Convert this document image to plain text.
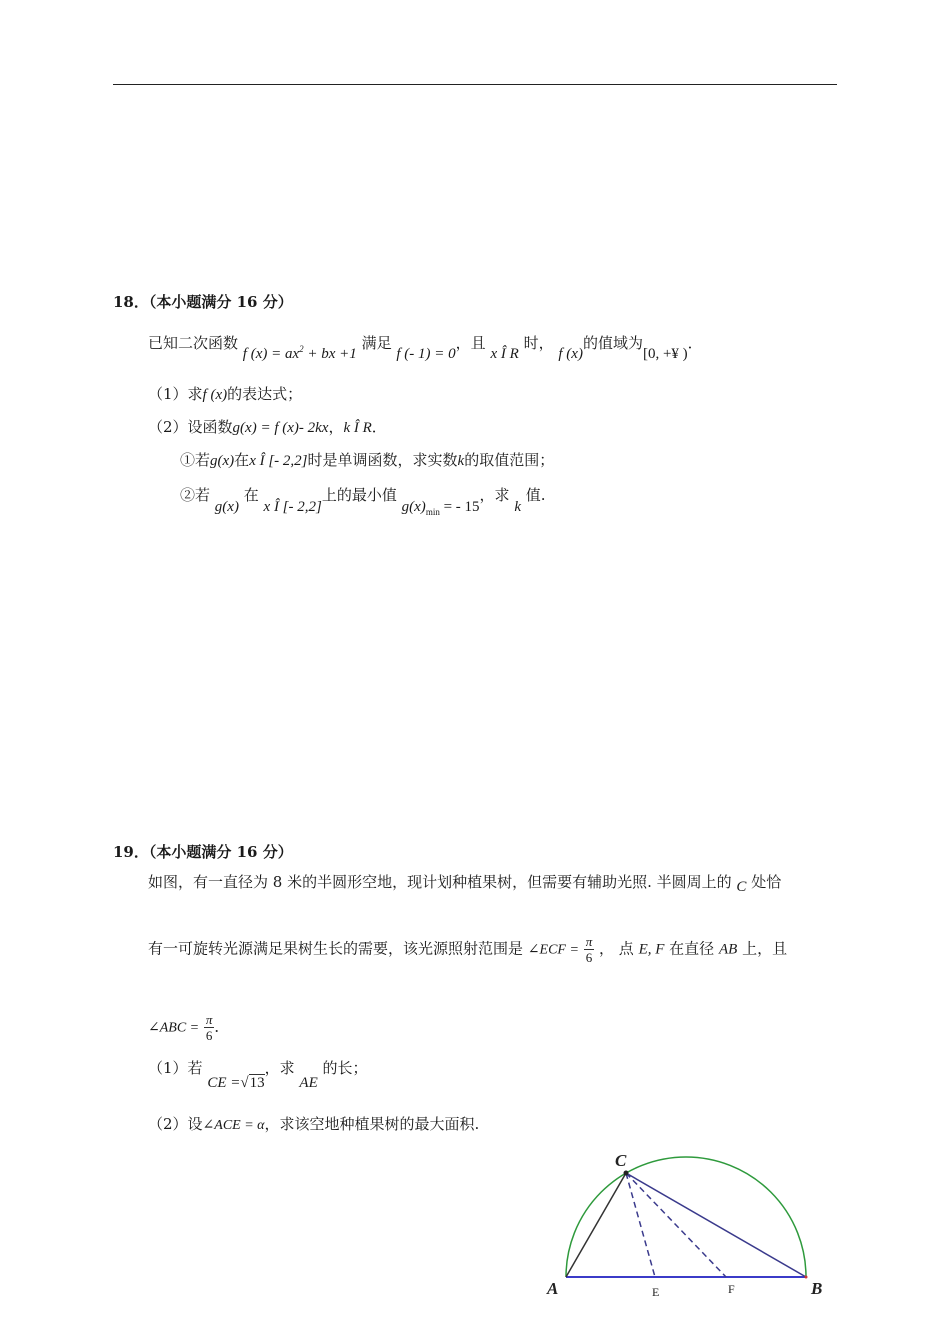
18．（本小题满分 16 分）
已知二次函数 f $(x) = ax^2$ + bx +1 满足 f (- 1) = 0，且 x Î R 时， f (x)的值域为[0, +¥ )．
（1）求f (x)的表达式；
（2）设函数g(x) = f (x)- 2kx，k Î R．
①若g(x)在x Î [- 2,2]时是单调函数，求实数k的取值范围；
②若 g(x) 在 x Î [- 2,2]上的最小值 $g(x)_{min}$ = - 15，求 k 值.
19．（本小题满分 16 分）
如图，有一直径为 8 米的半圆形空地，现计划种植果树，但需要有辅助光照. 半圆周上的 C 处恰
有一可旋转光源满足果树生长的需要，该光源照射范围是 ∠ECF = $\frac{\pi}{6}$ ， 点 E, F 在直径 AB 上，且
∠ABC = $\frac{\pi}{6}$ ．
（1）若 CE =√13，求 AE 的长；
（2）设∠ACE = α，求该空地种植果树的最大面积.
C
A	B
E	F
